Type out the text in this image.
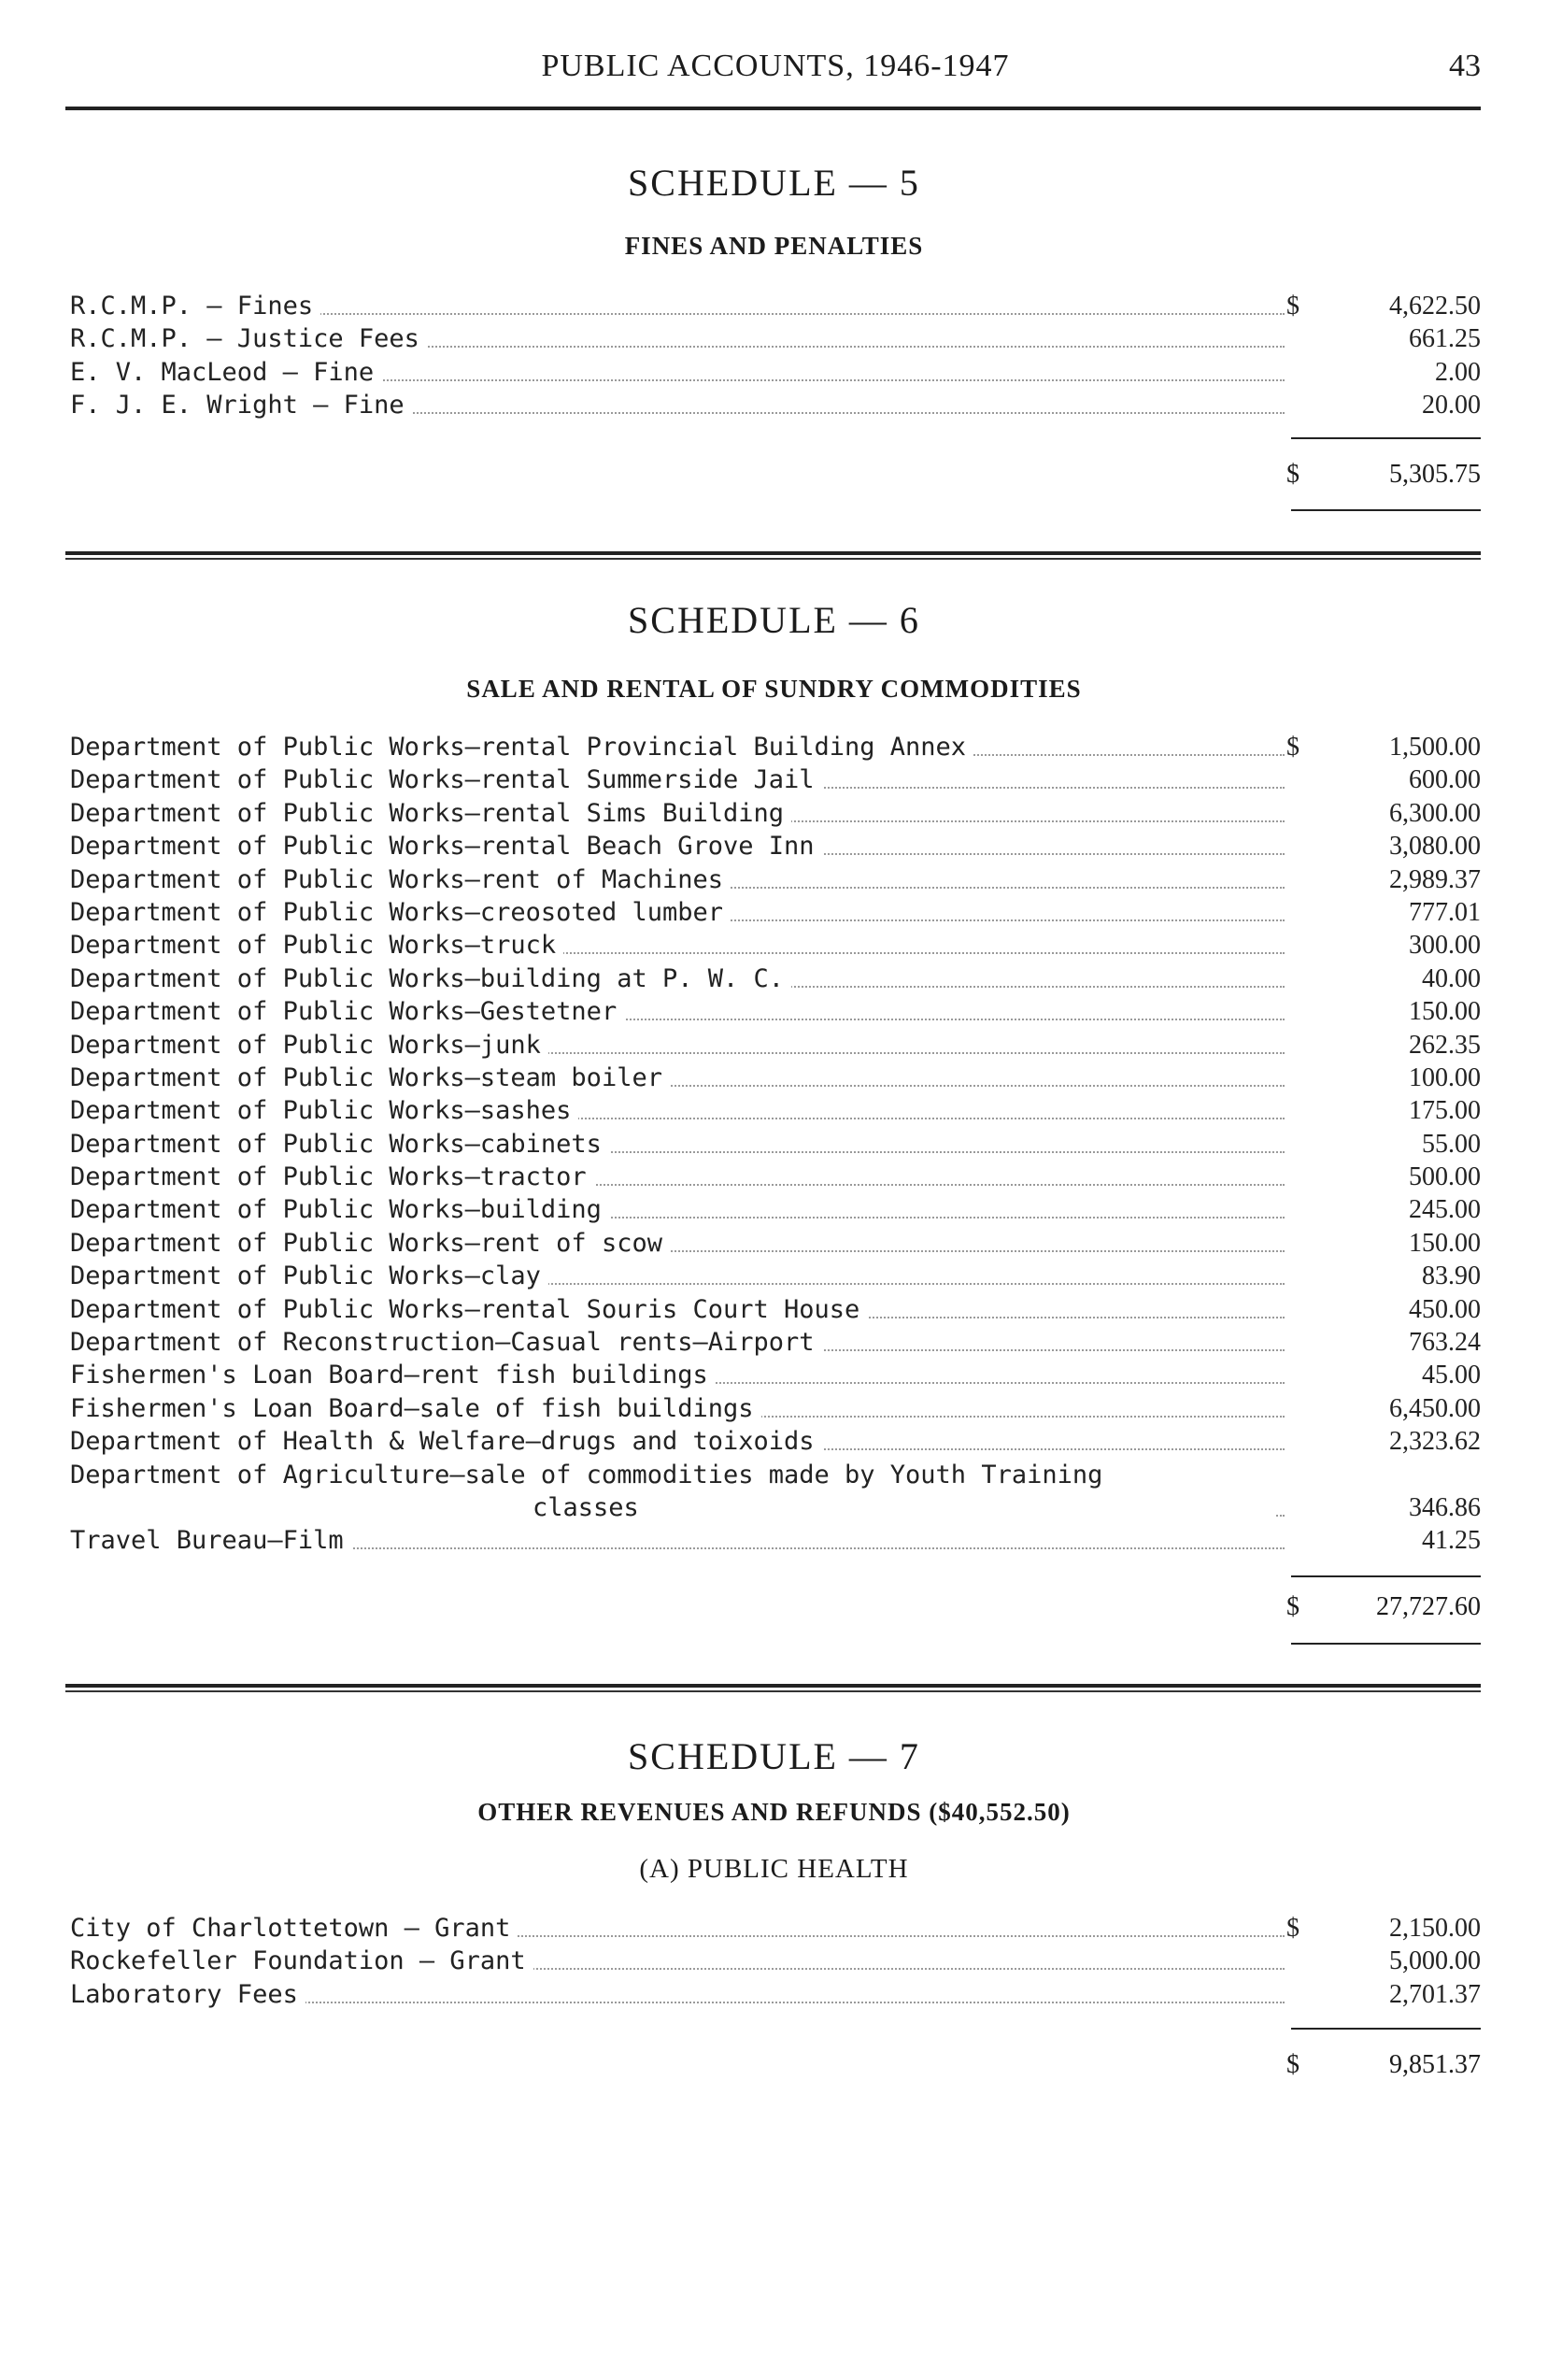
PUBLIC ACCOUNTS, 1946-1947	43
SCHEDULE — 5
FINES AND PENALTIES
R.C.M.P. — Fines	$	4,622.50
R.C.M.P. — Justice Fees	661.25
E. V. MacLeod — Fine	2.00
F. J. E. Wright — Fine	20.00
$	5,305.75
SCHEDULE — 6
SALE AND RENTAL OF SUNDRY COMMODITIES
Department of Public Works—rental Provincial Building Annex	$	1,500.00
Department of Public Works—rental Summerside Jail	600.00
Department of Public Works—rental Sims Building	6,300.00
Department of Public Works—rental Beach Grove Inn	3,080.00
Department of Public Works—rent of Machines	2,989.37
Department of Public Works—creosoted lumber	777.01
Department of Public Works—truck	300.00
Department of Public Works—building at P. W. C.	40.00
Department of Public Works—Gestetner	150.00
Department of Public Works—junk	262.35
Department of Public Works—steam boiler	100.00
Department of Public Works—sashes	175.00
Department of Public Works—cabinets	55.00
Department of Public Works—tractor	500.00
Department of Public Works—building	245.00
Department of Public Works—rent of scow	150.00
Department of Public Works—clay	83.90
Department of Public Works—rental Souris Court House	450.00
Department of Reconstruction—Casual rents—Airport	763.24
Fishermen's Loan Board—rent fish buildings	45.00
Fishermen's Loan Board—sale of fish buildings	6,450.00
Department of Health & Welfare—drugs and toixoids	2,323.62
Department of Agriculture—sale of commodities made by Youth Training
classes	346.86
Travel Bureau—Film	41.25
$	27,727.60
SCHEDULE — 7
OTHER REVENUES AND REFUNDS ($40,552.50)
(A) PUBLIC HEALTH
City of Charlottetown — Grant	$	2,150.00
Rockefeller Foundation — Grant	5,000.00
Laboratory Fees	2,701.37
$	9,851.37
